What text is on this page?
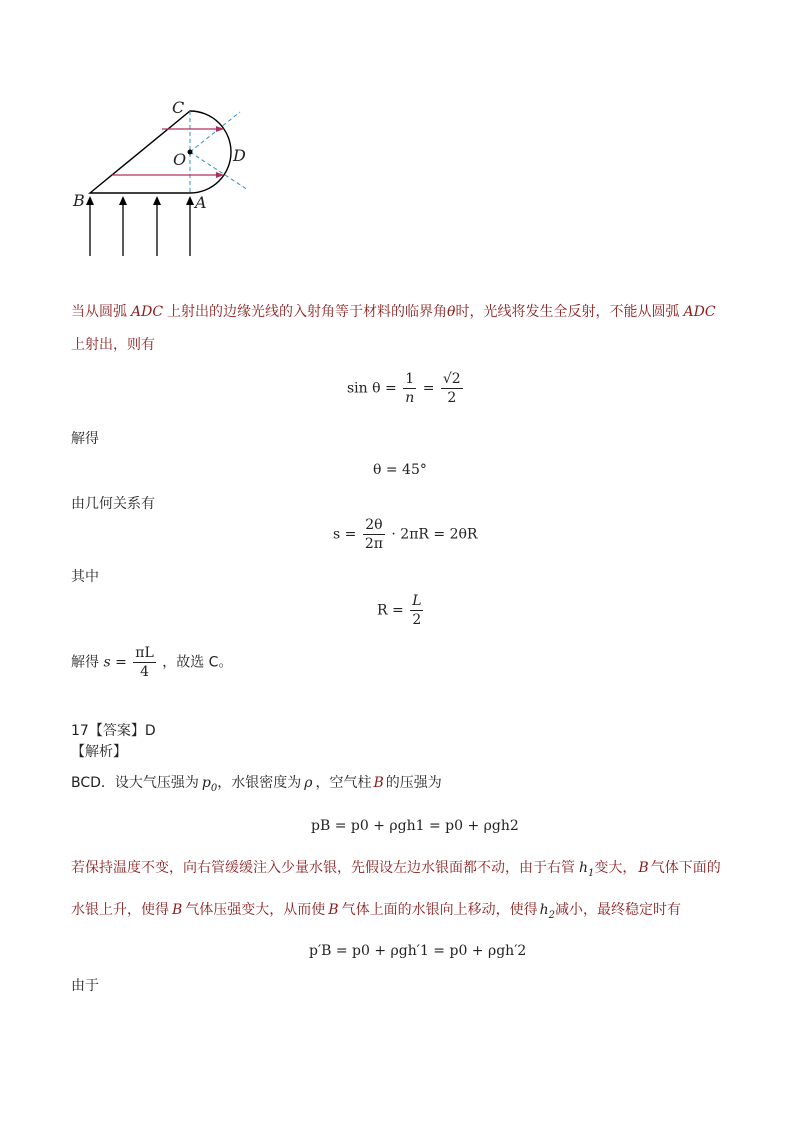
C
O	D
B	A
当从圆弧 ADC 上射出的边缘光线的入射角等于材料的临界角θ时，光线将发生全反射，不能从圆弧 ADC
上射出，则有
$\sin \theta = \frac{1}{n} = \frac{√2}{2}$
解得
θ = 45°
由几何关系有
$s = \frac{2\theta}{2\pi} \cdot 2\pi R = 2\theta R$
其中
$R = \frac{L}{2}$
解得 $s = \frac{\pi L}{4}$ ，故选 C。
17【答案】D
【解析】
BCD．设大气压强为 $p_0$，水银密度为 ρ ，空气柱 B 的压强为
pB = p0 + ρgh1 = p0 + ρgh2
若保持温度不变，向右管缓缓注入少量水银，先假设左边水银面都不动，由于右管 $h_1$变大， B 气体下面的
水银上升，使得 B 气体压强变大，从而使 B 气体上面的水银向上移动，使得 $h_2$减小，最终稳定时有
p′B = p0 + ρgh′1 = p0 + ρgh′2
由于
